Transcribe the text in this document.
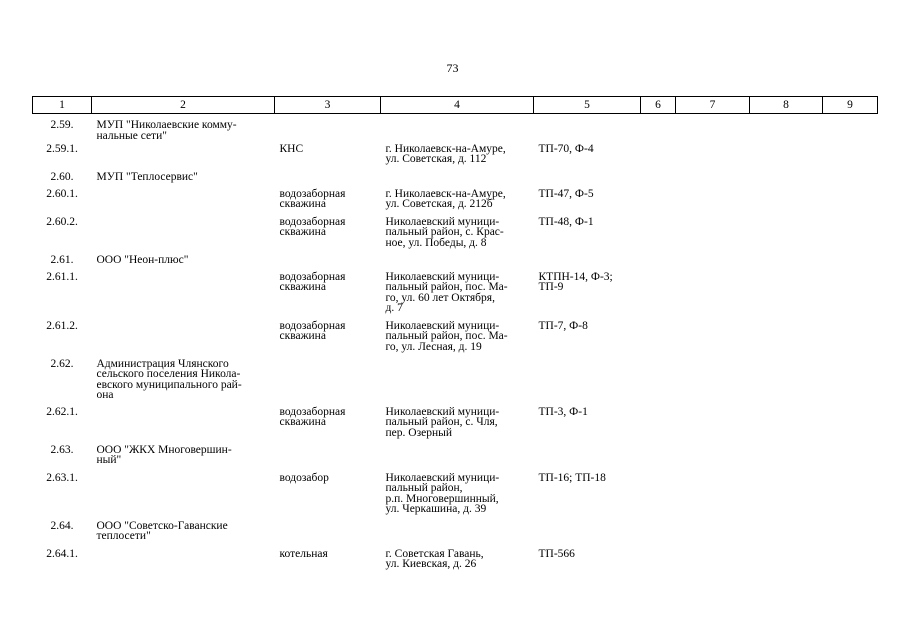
73
1	2	3	4	5	6	7	8	9
2.59.	МУП "Николаевские комму-
нальные сети"							
2.59.1.		КНС	г. Николаевск-на-Амуре,
ул. Советская, д. 112	ТП-70, Ф-4				
2.60.	МУП "Теплосервис"							
2.60.1.		водозаборная
скважина	г. Николаевск-на-Амуре,
ул. Советская, д. 212б	ТП-47, Ф-5				
2.60.2.		водозаборная
скважина	Николаевский муници-
пальный район, с. Крас-
ное, ул. Победы, д. 8	ТП-48, Ф-1				
2.61.	ООО "Неон-плюс"							
2.61.1.		водозаборная
скважина	Николаевский муници-
пальный район, пос. Ма-
го, ул. 60 лет Октября,
д. 7	КТПН-14, Ф-3;
ТП-9				
2.61.2.		водозаборная
скважина	Николаевский муници-
пальный район, пос. Ма-
го, ул. Лесная, д. 19	ТП-7, Ф-8				
2.62.	Администрация Члянского
сельского поселения Никола-
евского муниципального рай-
она							
2.62.1.		водозаборная
скважина	Николаевский муници-
пальный район, с. Чля,
пер. Озерный	ТП-3, Ф-1				
2.63.	ООО "ЖКХ Многовершин-
ный"							
2.63.1.		водозабор	Николаевский муници-
пальный район,
р.п. Многовершинный,
ул. Черкашина, д. 39	ТП-16; ТП-18				
2.64.	ООО "Советско-Гаванские
теплосети"							
2.64.1.		котельная	г. Советская Гавань,
ул. Киевская, д. 26	ТП-566				
